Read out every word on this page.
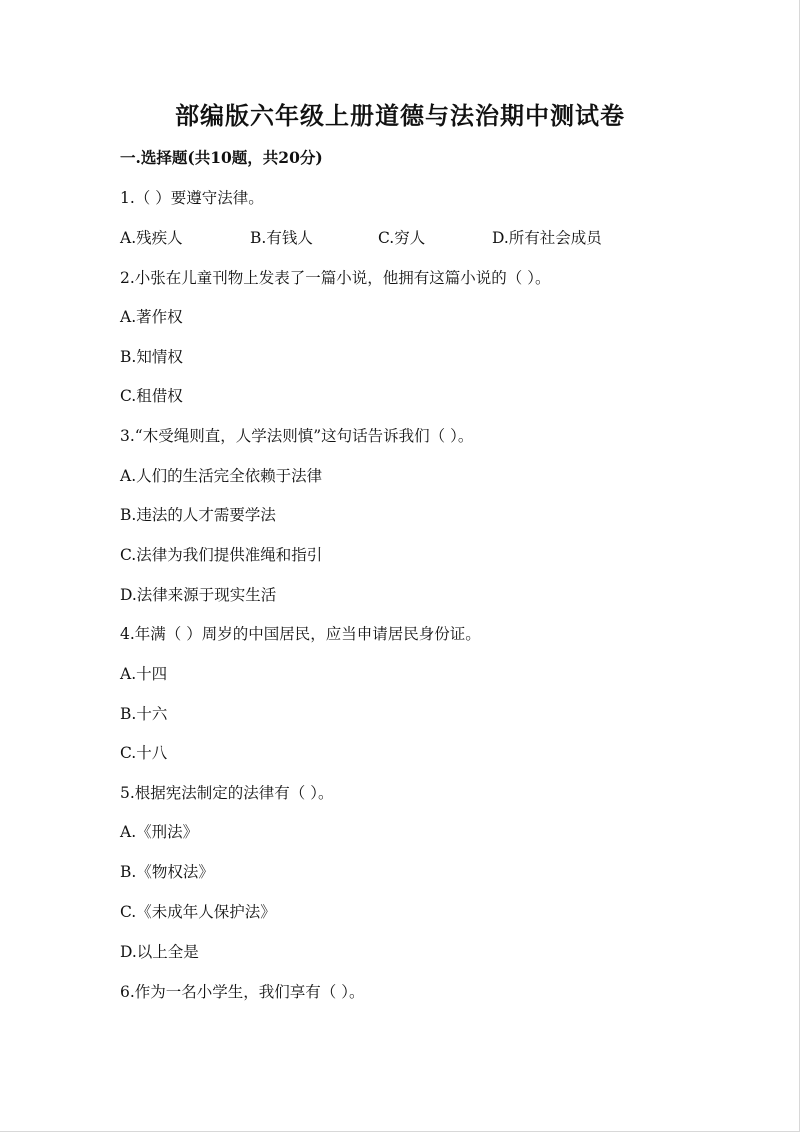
部编版六年级上册道德与法治期中测试卷
一.选择题(共10题，共20分)
1.（ ）要遵守法律。
A.残疾人	B.有钱人	C.穷人	D.所有社会成员
2.小张在儿童刊物上发表了一篇小说，他拥有这篇小说的（ ）。
A.著作权
B.知情权
C.租借权
3.“木受绳则直，人学法则慎”这句话告诉我们（ ）。
A.人们的生活完全依赖于法律
B.违法的人才需要学法
C.法律为我们提供准绳和指引
D.法律来源于现实生活
4.年满（ ）周岁的中国居民，应当申请居民身份证。
A.十四
B.十六
C.十八
5.根据宪法制定的法律有（ ）。
A.《刑法》
B.《物权法》
C.《未成年人保护法》
D.以上全是
6.作为一名小学生，我们享有（ ）。
